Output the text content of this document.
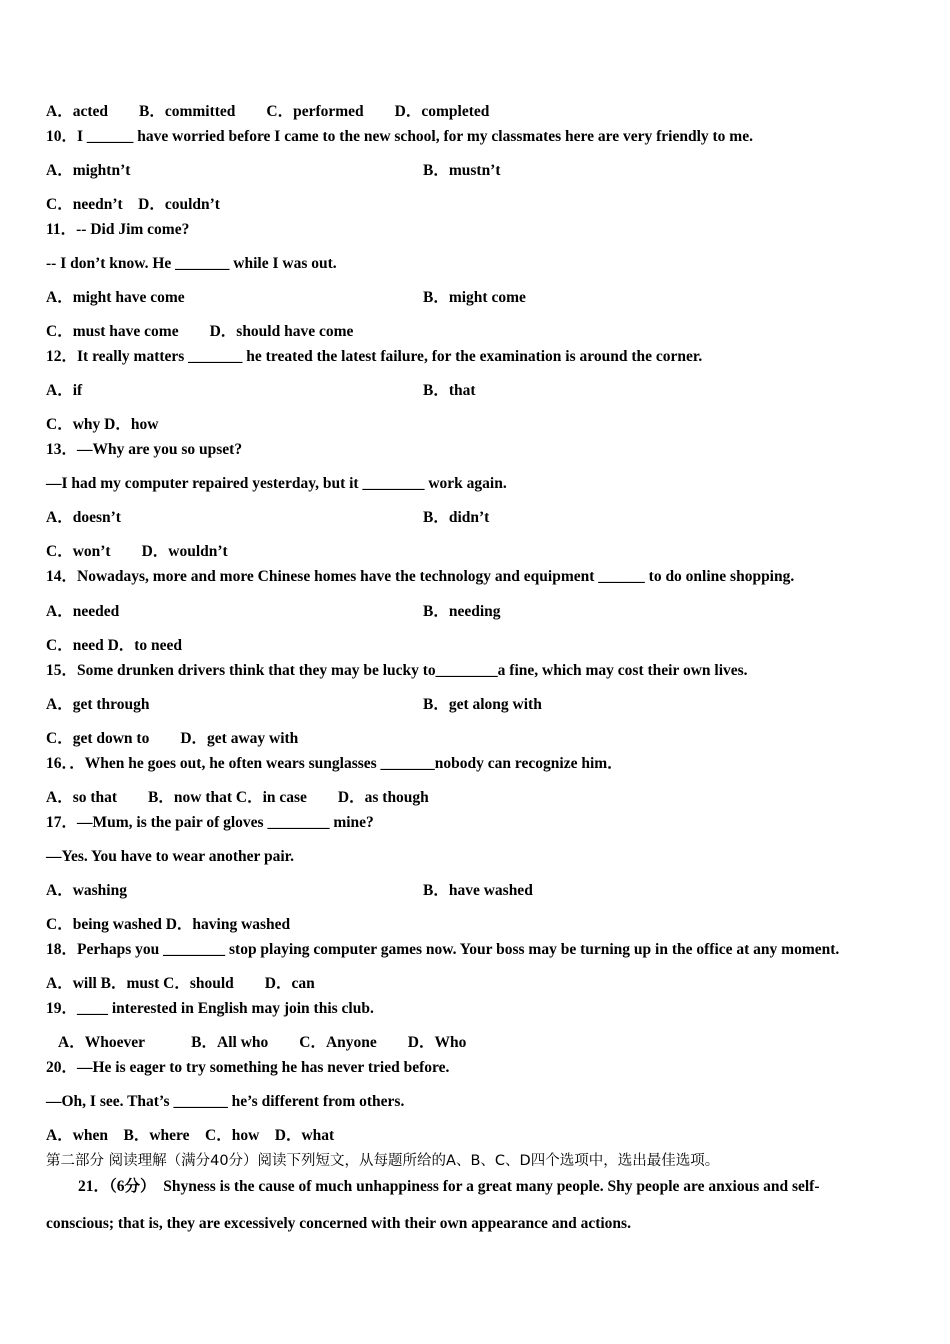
A．acted　　B．committed　　C．performed　　D．completed
10．I ______ have worried before I came to the new school, for my classmates here are very friendly to me.
A．mightn’t	B．mustn’t
C．needn’t　D．couldn’t
11．-- Did Jim come?
-- I don’t know. He _______ while I was out.
A．might have come	B．might come
C．must have come　　D．should have come
12．It really matters _______ he treated the latest failure, for the examination is around the corner.
A．if	B．that
C．why D．how
13．—Why are you so upset?
—I had my computer repaired yesterday, but it ________ work again.
A．doesn’t	B．didn’t
C．won’t　　D．wouldn’t
14．Nowadays, more and more Chinese homes have the technology and equipment ______ to do online shopping.
A．needed	B．needing
C．need D．to need
15．Some drunken drivers think that they may be lucky to________a fine, which may cost their own lives.
A．get through	B．get along with
C．get down to　　D．get away with
16．．When he goes out, he often wears sunglasses _______nobody can recognize him．
A．so that　　B．now that C．in case　　D．as though
17．—Mum, is the pair of gloves ________ mine?
—Yes. You have to wear another pair.
A．washing	B．have washed
C．being washed D．having washed
18．Perhaps you ________ stop playing computer games now. Your boss may be turning up in the office at any moment.
A．will B．must C．should　　D．can
19．____ interested in English may join this club.
A．Whoever　　　B．All who　　C．Anyone　　D．Who
20．—He is eager to try something he has never tried before.
—Oh, I see. That’s _______ he’s different from others.
A．when　B．where　C．how　D．what
第二部分 阅读理解（满分40分）阅读下列短文，从每题所给的A、B、C、D四个选项中，选出最佳选项。
21．（6分）　Shyness is the cause of much unhappiness for a great many people. Shy people are anxious and self-
conscious; that is, they are excessively concerned with their own appearance and actions.
